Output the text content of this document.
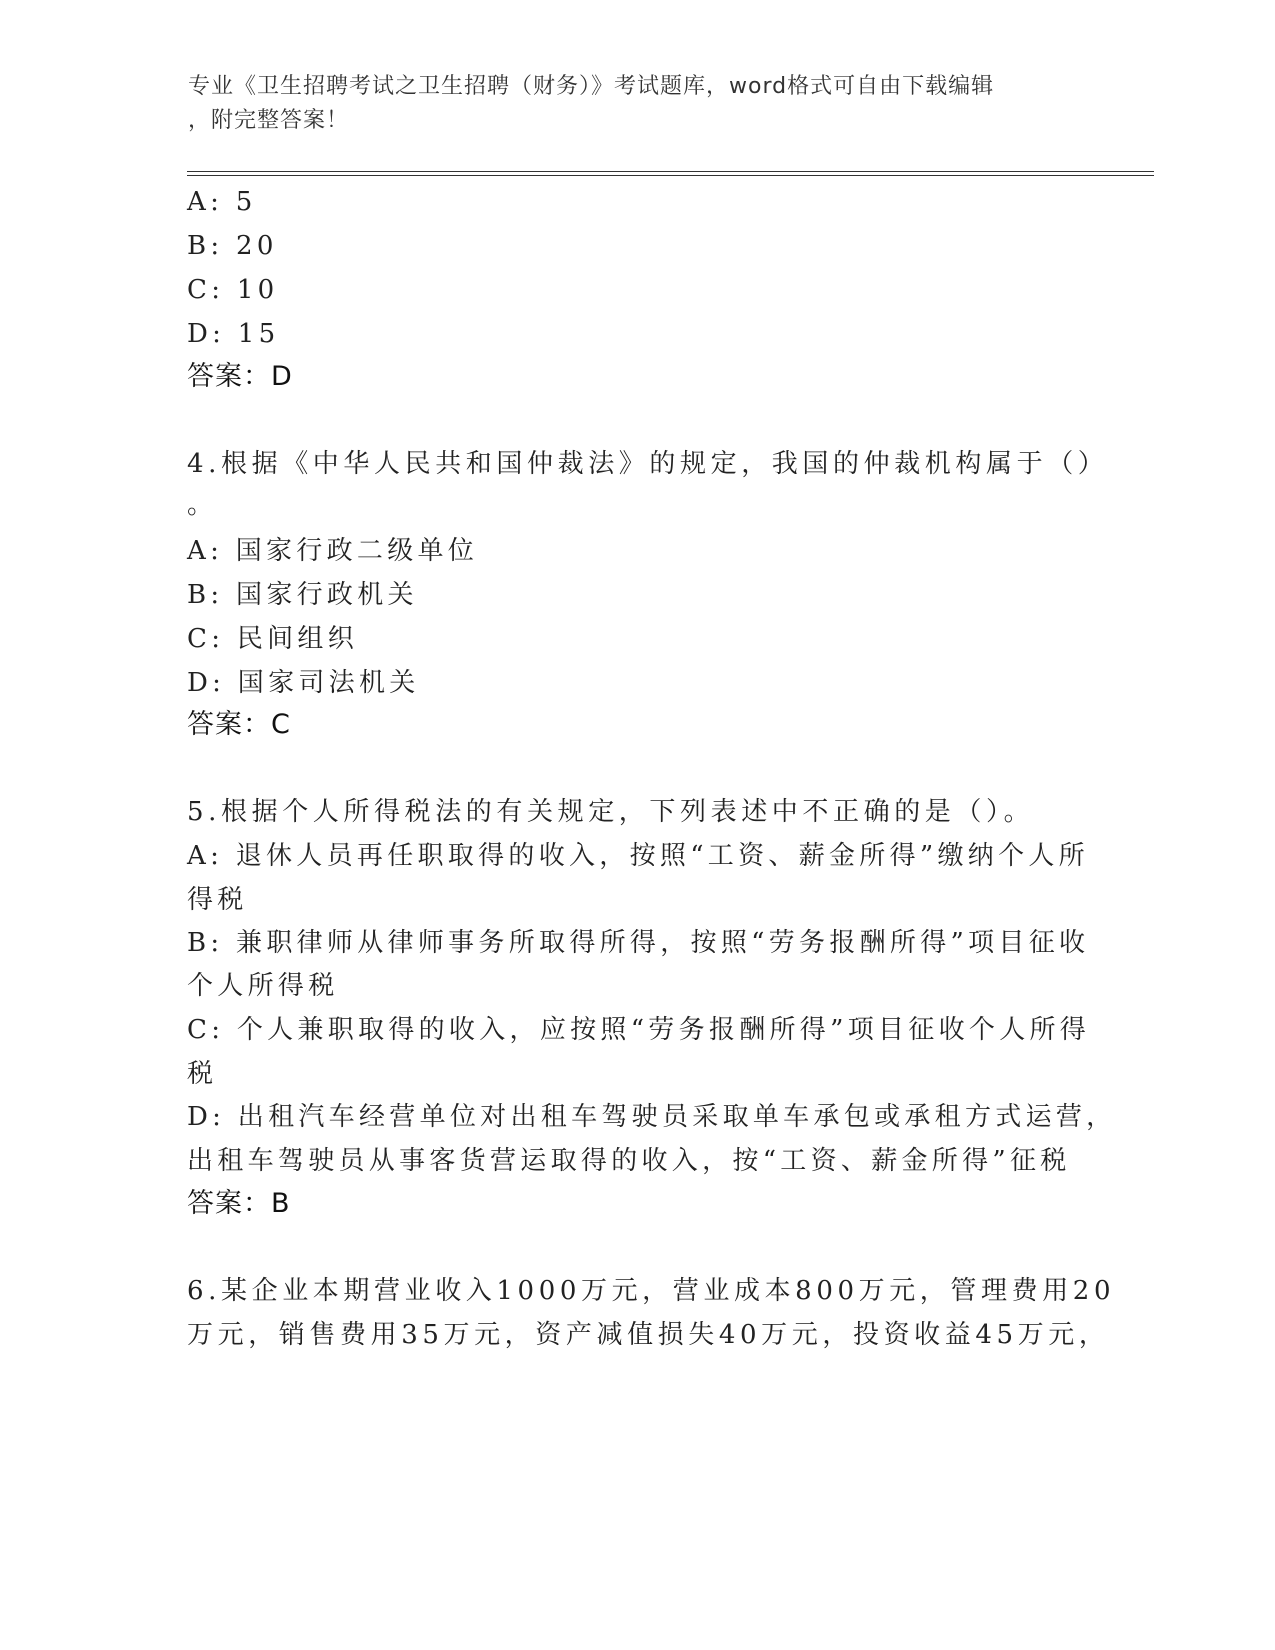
专业《卫生招聘考试之卫生招聘（财务）》考试题库，word格式可自由下载编辑
，附完整答案！
A: 5
B: 20
C: 10
D: 15
答案：D
4.根据《中华人民共和国仲裁法》的规定，我国的仲裁机构属于（）
。
A: 国家行政二级单位
B: 国家行政机关
C: 民间组织
D: 国家司法机关
答案：C
5.根据个人所得税法的有关规定，下列表述中不正确的是（）。
A: 退休人员再任职取得的收入，按照“工资、薪金所得”缴纳个人所
得税
B: 兼职律师从律师事务所取得所得，按照“劳务报酬所得”项目征收
个人所得税
C: 个人兼职取得的收入，应按照“劳务报酬所得”项目征收个人所得
税
D: 出租汽车经营单位对出租车驾驶员采取单车承包或承租方式运营，
出租车驾驶员从事客货营运取得的收入，按“工资、薪金所得”征税
答案：B
6.某企业本期营业收入1000万元，营业成本800万元，管理费用20
万元，销售费用35万元，资产减值损失40万元，投资收益45万元，
